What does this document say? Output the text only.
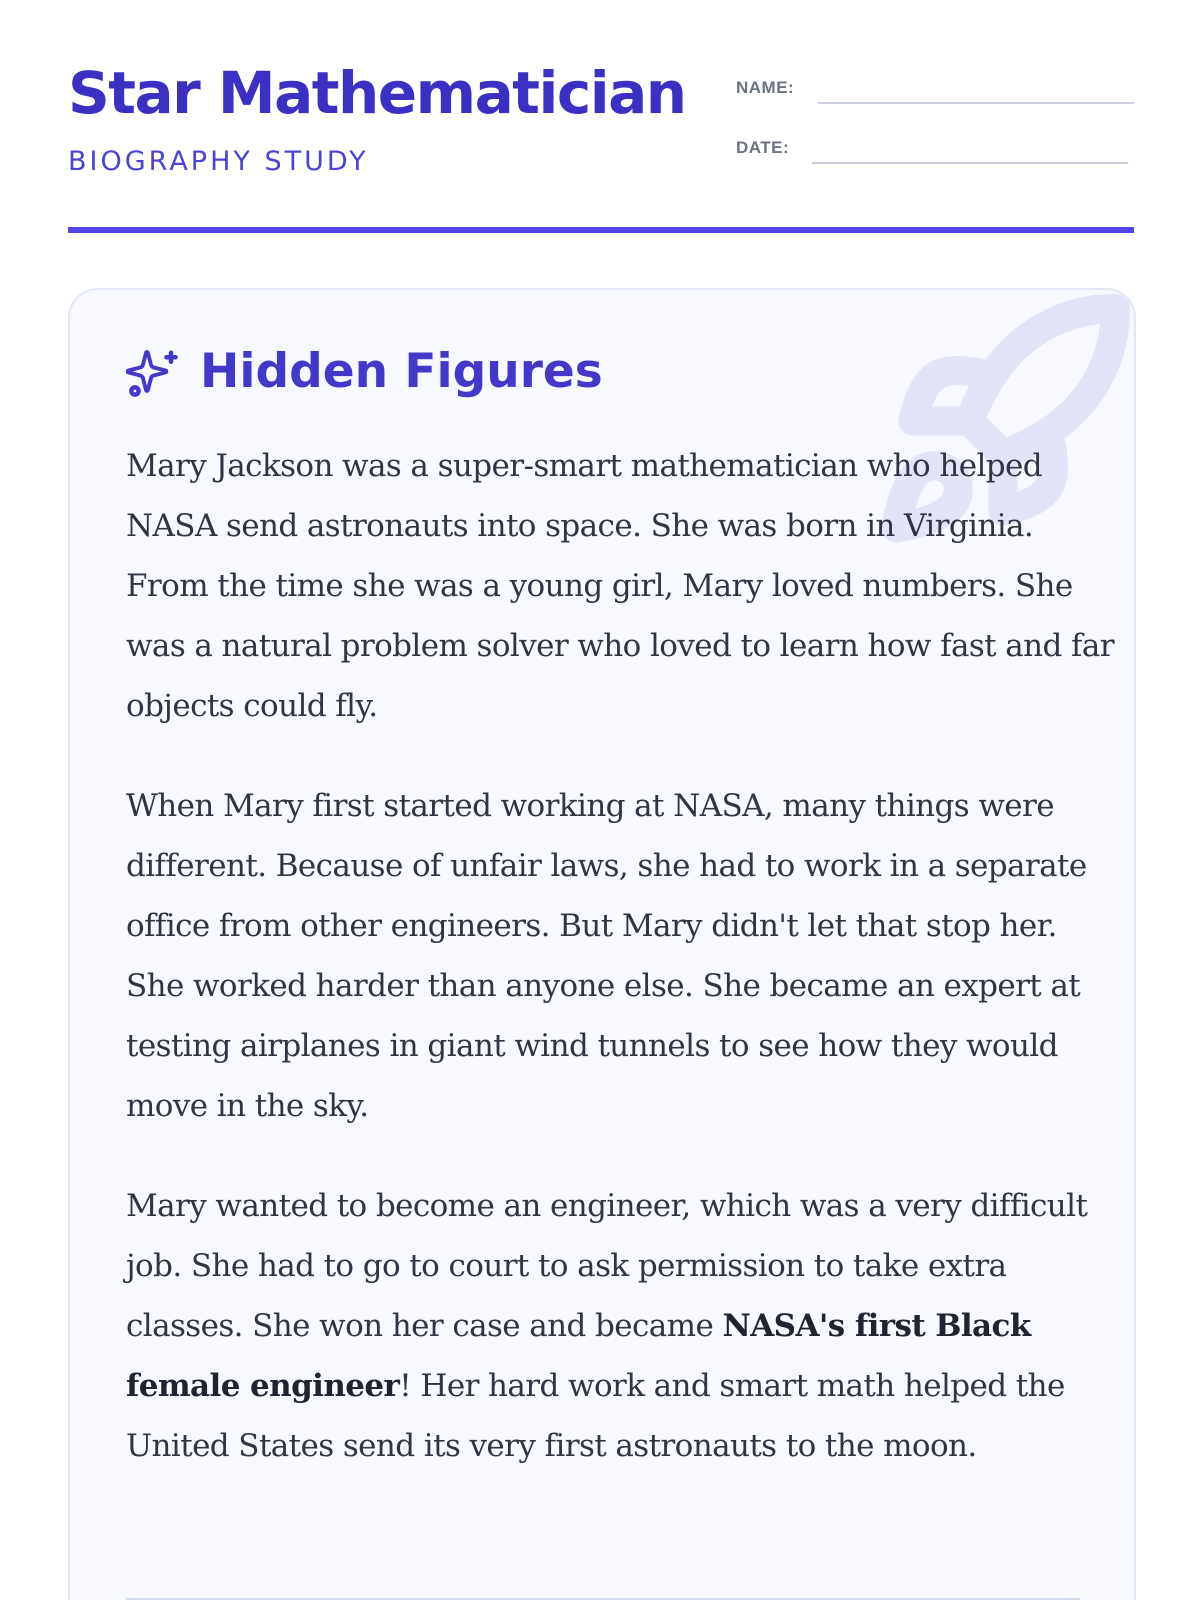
Star Mathematician
BIOGRAPHY STUDY
NAME:
DATE:
Hidden Figures

Mary Jackson was a super-smart mathematician who helped NASA send astronauts into space. She was born in Virginia. From the time she was a young girl, Mary loved numbers. She was a natural problem solver who loved to learn how fast and far objects could fly.

When Mary first started working at NASA, many things were different. Because of unfair laws, she had to work in a separate office from other engineers. But Mary didn't let that stop her. She worked harder than anyone else. She became an expert at testing airplanes in giant wind tunnels to see how they would move in the sky.

Mary wanted to become an engineer, which was a very difficult job. She had to go to court to ask permission to take extra classes. She won her case and became NASA's first Black female engineer! Her hard work and smart math helped the United States send its very first astronauts to the moon.
